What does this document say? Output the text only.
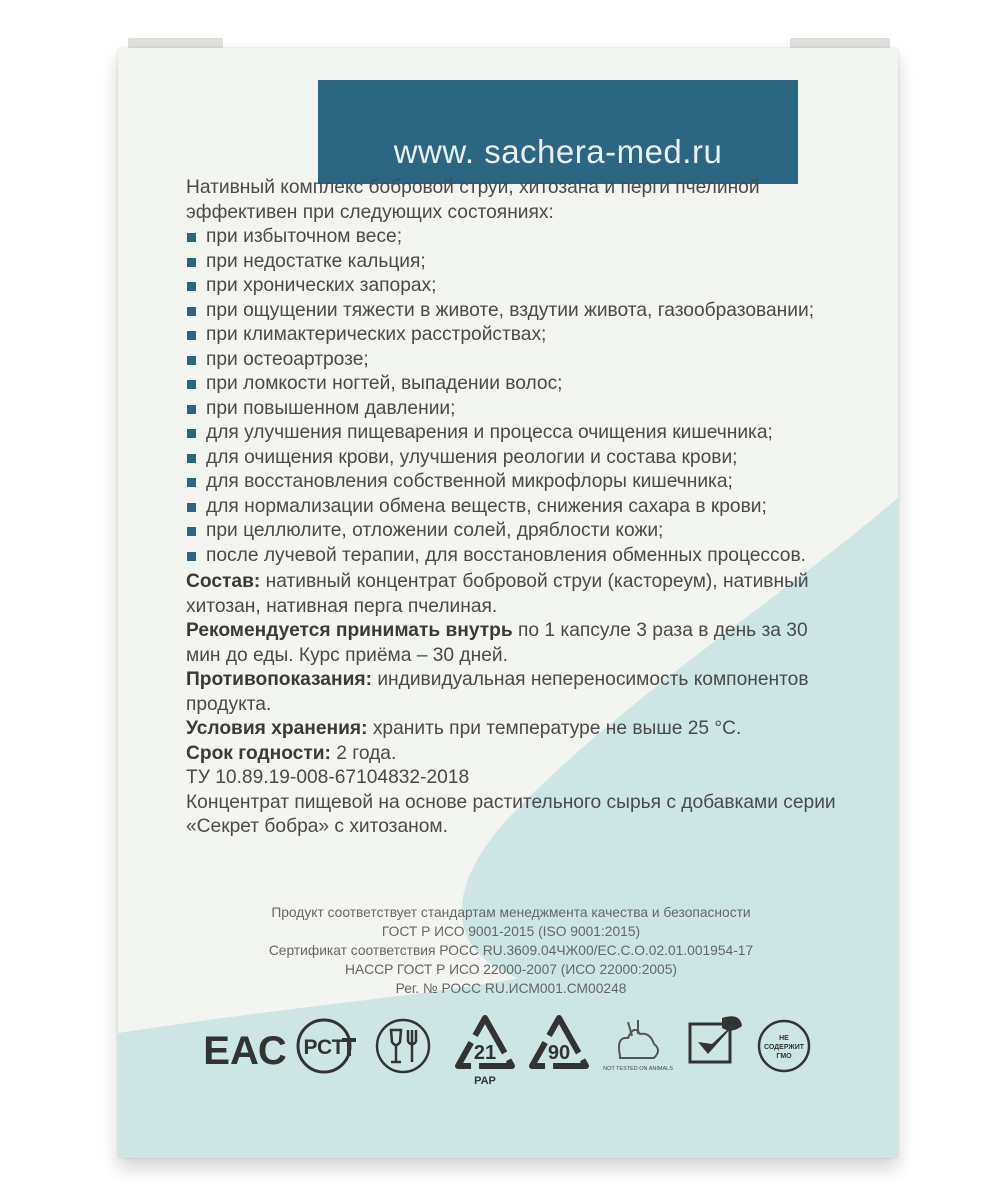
www. sachera-med.ru

Нативный комплекс бобровой струи, хитозана и перги пчелиной эффективен при следующих состояниях:

при избыточном весе;
при недостатке кальция;
при хронических запорах;
при ощущении тяжести в животе, вздутии живота, газообразовании;
при климактерических расстройствах;
при остеоартрозе;
при ломкости ногтей, выпадении волос;
при повышенном давлении;
для улучшения пищеварения и процесса очищения кишечника;
для очищения крови, улучшения реологии и состава крови;
для восстановления собственной микрофлоры кишечника;
для нормализации обмена веществ, снижения сахара в крови;
при целлюлите, отложении солей, дряблости кожи;
после лучевой терапии, для восстановления обменных процессов.

Состав: нативный концентрат бобровой струи (кастореум), нативный хитозан, нативная перга пчелиная.

Рекомендуется принимать внутрь по 1 капсуле 3 раза в день за 30 мин до еды. Курс приёма – 30 дней.

Противопоказания: индивидуальная непереносимость компонентов продукта.

Условия хранения: хранить при температуре не выше 25 °С.

Срок годности: 2 года.

ТУ 10.89.19-008-67104832-2018

Концентрат пищевой на основе растительного сырья с добавками серии «Секрет бобра» с хитозаном.

Продукт соответствует стандартам менеджмента качества и безопасности
ГОСТ Р ИСО 9001-2015 (ISO 9001:2015)
Сертификат соответствия РОСС RU.3609.04ЧЖ00/ЕС.С.О.02.01.001954-17
HACCP ГОСТ Р ИСО 22000-2007 (ИСО 22000:2005)
Рег. № РОСС RU.ИСМ001.СМ00248
ЕАС РСТ	21
PAP
90
NOT TESTED ON ANIMALS
НЕ
СОДЕРЖИТ
ГМО
